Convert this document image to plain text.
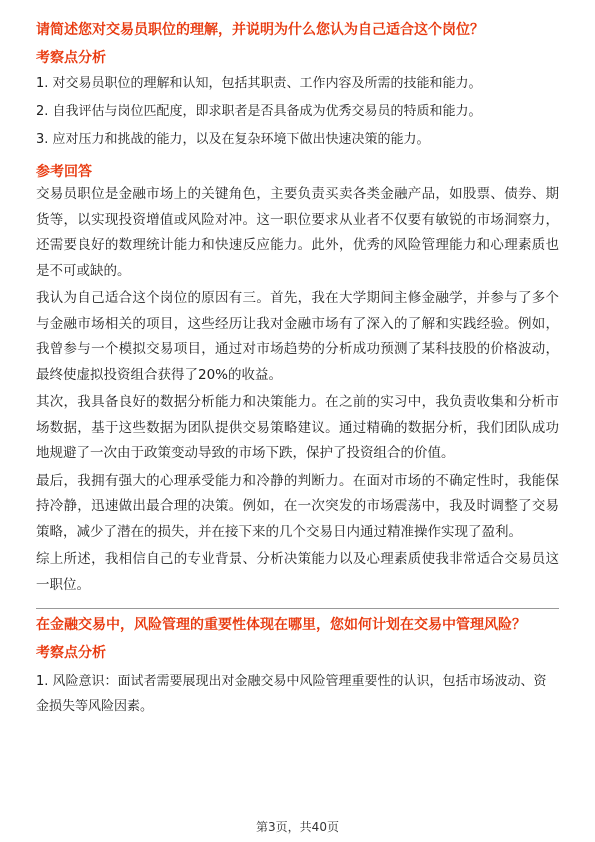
请简述您对交易员职位的理解，并说明为什么您认为自己适合这个岗位？
考察点分析
1. 对交易员职位的理解和认知，包括其职责、工作内容及所需的技能和能力。
2. 自我评估与岗位匹配度，即求职者是否具备成为优秀交易员的特质和能力。
3. 应对压力和挑战的能力，以及在复杂环境下做出快速决策的能力。
参考回答

交易员职位是金融市场上的关键角色，主要负责买卖各类金融产品，如股票、债券、期货等，以实现投资增值或风险对冲。这一职位要求从业者不仅要有敏锐的市场洞察力，还需要良好的数理统计能力和快速反应能力。此外，优秀的风险管理能力和心理素质也是不可或缺的。

我认为自己适合这个岗位的原因有三。首先，我在大学期间主修金融学，并参与了多个与金融市场相关的项目，这些经历让我对金融市场有了深入的了解和实践经验。例如，我曾参与一个模拟交易项目，通过对市场趋势的分析成功预测了某科技股的价格波动，最终使虚拟投资组合获得了20%的收益。

其次，我具备良好的数据分析能力和决策能力。在之前的实习中，我负责收集和分析市场数据，基于这些数据为团队提供交易策略建议。通过精确的数据分析，我们团队成功地规避了一次由于政策变动导致的市场下跌，保护了投资组合的价值。

最后，我拥有强大的心理承受能力和冷静的判断力。在面对市场的不确定性时，我能保持冷静，迅速做出最合理的决策。例如，在一次突发的市场震荡中，我及时调整了交易策略，减少了潜在的损失，并在接下来的几个交易日内通过精准操作实现了盈利。

综上所述，我相信自己的专业背景、分析决策能力以及心理素质使我非常适合交易员这一职位。

在金融交易中，风险管理的重要性体现在哪里，您如何计划在交易中管理风险？
考察点分析
1. 风险意识：面试者需要展现出对金融交易中风险管理重要性的认识，包括市场波动、资金损失等风险因素。
第3页，共40页
